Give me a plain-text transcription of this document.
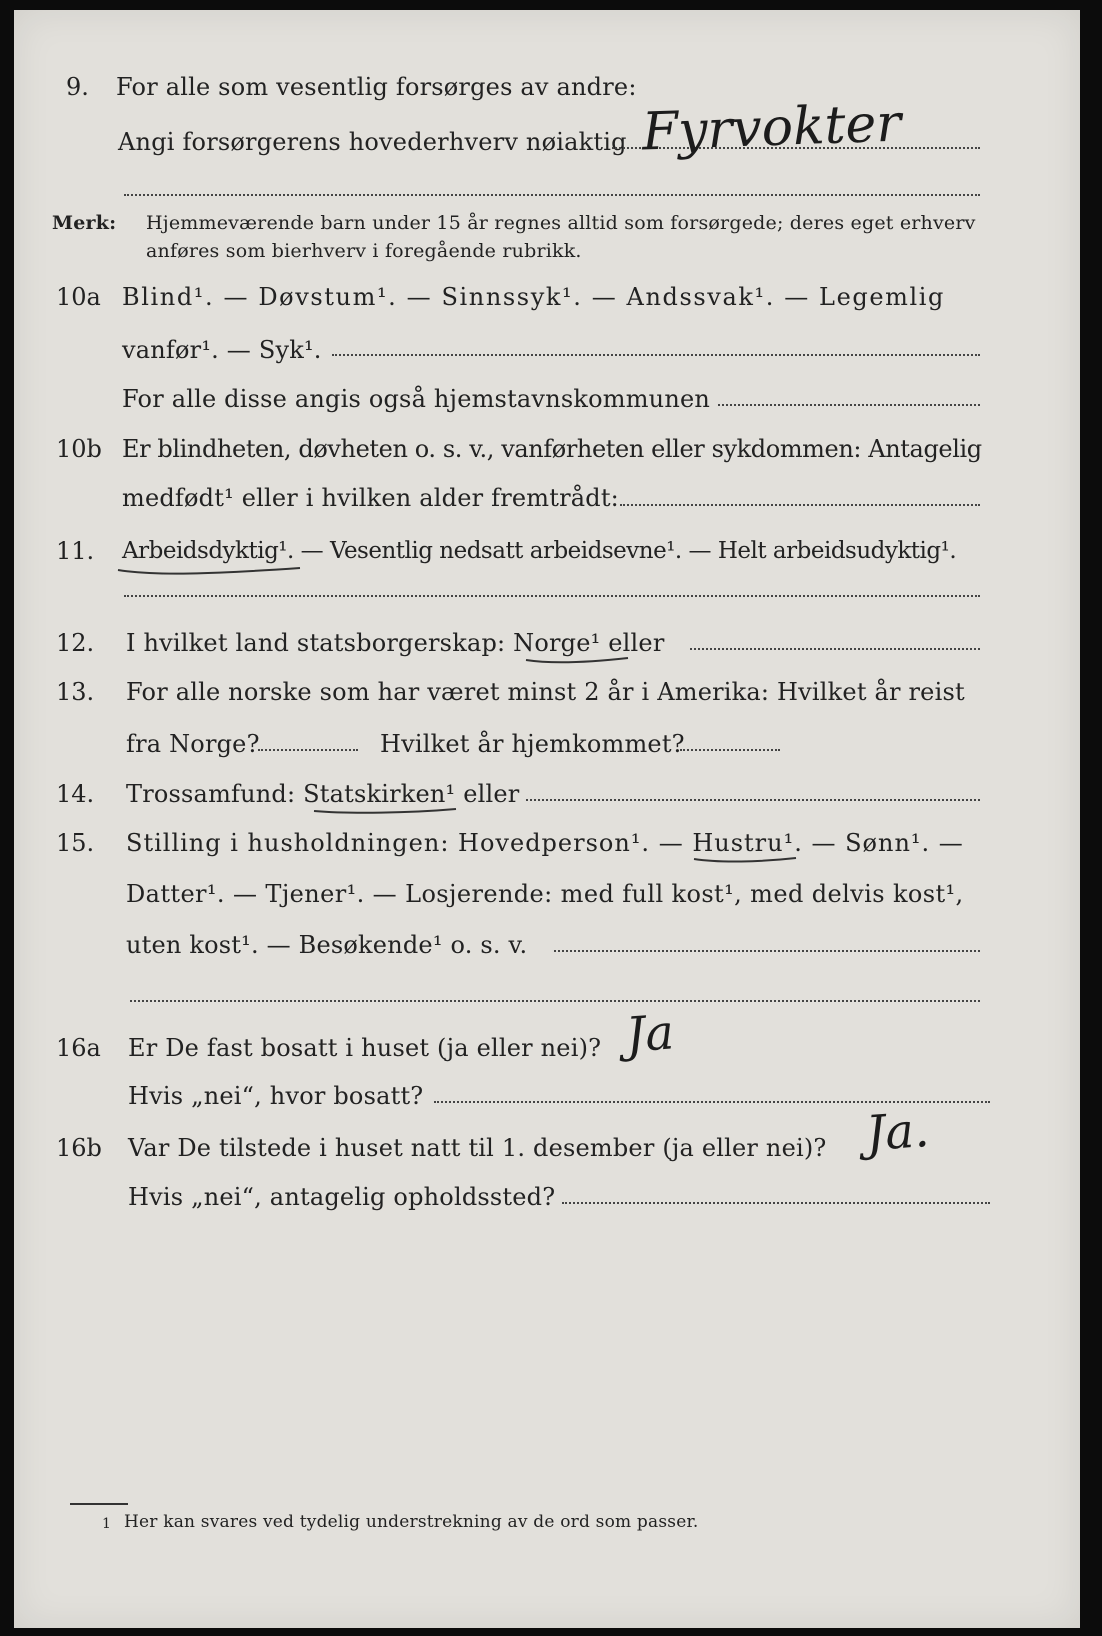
9. For alle som vesentlig forsørges av andre:
Angi forsørgerens hovederhverv nøiaktig Fyrvokter
Merk: Hjemmeværende barn under 15 år regnes alltid som forsørgede; deres eget erhverv
anføres som bierhverv i foregående rubrikk.
10a Blind¹. — Døvstum¹. — Sinnssyk¹. — Andssvak¹. — Legemlig
vanfør¹. — Syk¹.
For alle disse angis også hjemstavnskommunen
10b Er blindheten, døvheten o. s. v., vanførheten eller sykdommen: Antagelig
medfødt¹ eller i hvilken alder fremtrådt:
11. Arbeidsdyktig¹. — Vesentlig nedsatt arbeidsevne¹. — Helt arbeidsudyktig¹.
12. I hvilket land statsborgerskap: Norge¹ eller
13. For alle norske som har været minst 2 år i Amerika: Hvilket år reist
fra Norge?	Hvilket år hjemkommet?
14. Trossamfund: Statskirken¹ eller
15. Stilling i husholdningen: Hovedperson¹. — Hustru¹. — Sønn¹. —
Datter¹. — Tjener¹. — Losjerende: med full kost¹, med delvis kost¹,
uten kost¹. — Besøkende¹ o. s. v.
16a Er De fast bosatt i huset (ja eller nei)? Ja
Hvis „nei“, hvor bosatt?
16b Var De tilstede i huset natt til 1. desember (ja eller nei)? Ja.
Hvis „nei“, antagelig opholdssted?
1 Her kan svares ved tydelig understrekning av de ord som passer.
